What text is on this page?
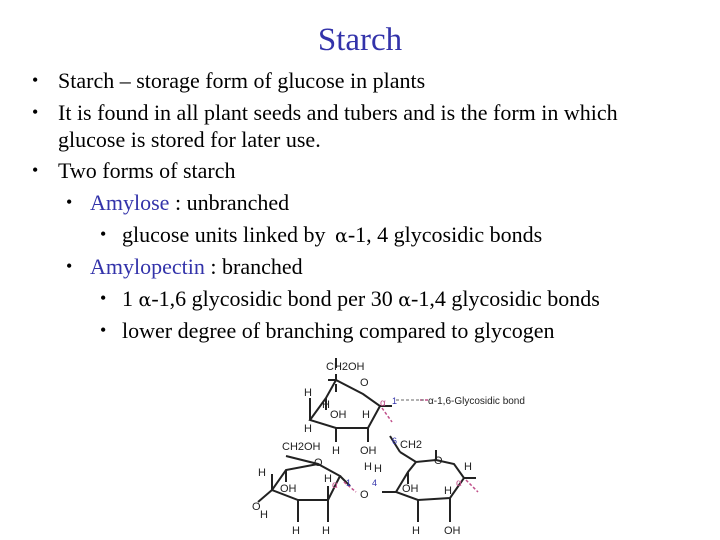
Starch
• Starch – storage form of glucose in plants
• It is found in all plant seeds and tubers and is the form in which
glucose is stored for later use.
• Two forms of starch
• Amylose : unbranched
• glucose units linked by α-1, 4 glycosidic bonds
• Amylopectin : branched
• 1 α-1,6 glycosidic bond per 30 α-1,4 glycosidic bonds
• lower degree of branching compared to glycogen
CH2OH
O
H
H
H
OH H
H OH
α 1	α-1,6-Glycosidic bond
CH2OH
O
H
OH
H
H
H H
α 1
O
CH2
6
O
H
OH
H
H
H OH
α
4
O
H
